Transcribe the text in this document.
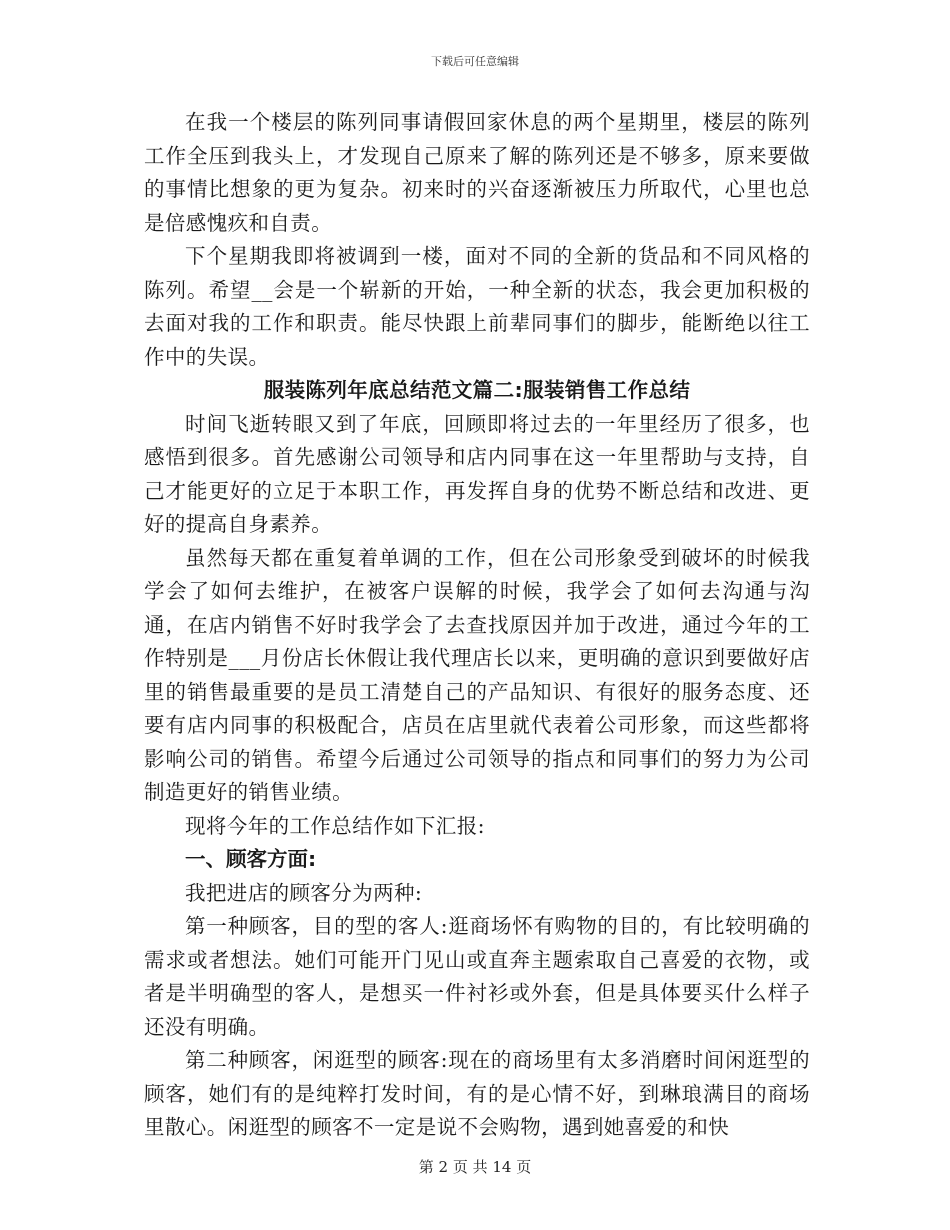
下载后可任意编辑

在我一个楼层的陈列同事请假回家休息的两个星期里，楼层的陈列工作全压到我头上，才发现自己原来了解的陈列还是不够多，原来要做的事情比想象的更为复杂。初来时的兴奋逐渐被压力所取代，心里也总是倍感愧疚和自责。

下个星期我即将被调到一楼，面对不同的全新的货品和不同风格的陈列。希望__会是一个崭新的开始，一种全新的状态，我会更加积极的去面对我的工作和职责。能尽快跟上前辈同事们的脚步，能断绝以往工作中的失误。

服装陈列年底总结范文篇二:服装销售工作总结

时间飞逝转眼又到了年底，回顾即将过去的一年里经历了很多，也感悟到很多。首先感谢公司领导和店内同事在这一年里帮助与支持，自己才能更好的立足于本职工作，再发挥自身的优势不断总结和改进、更好的提高自身素养。

虽然每天都在重复着单调的工作，但在公司形象受到破坏的时候我学会了如何去维护，在被客户误解的时候，我学会了如何去沟通与沟通，在店内销售不好时我学会了去查找原因并加于改进，通过今年的工作特别是___月份店长休假让我代理店长以来，更明确的意识到要做好店里的销售最重要的是员工清楚自己的产品知识、有很好的服务态度、还要有店内同事的积极配合，店员在店里就代表着公司形象，而这些都将影响公司的销售。希望今后通过公司领导的指点和同事们的努力为公司制造更好的销售业绩。

现将今年的工作总结作如下汇报:

一、顾客方面:

我把进店的顾客分为两种:

第一种顾客，目的型的客人:逛商场怀有购物的目的，有比较明确的需求或者想法。她们可能开门见山或直奔主题索取自己喜爱的衣物，或者是半明确型的客人，是想买一件衬衫或外套，但是具体要买什么样子还没有明确。

第二种顾客，闲逛型的顾客:现在的商场里有太多消磨时间闲逛型的顾客，她们有的是纯粹打发时间，有的是心情不好，到琳琅满目的商场里散心。闲逛型的顾客不一定是说不会购物，遇到她喜爱的和快

第 2 页 共 14 页
